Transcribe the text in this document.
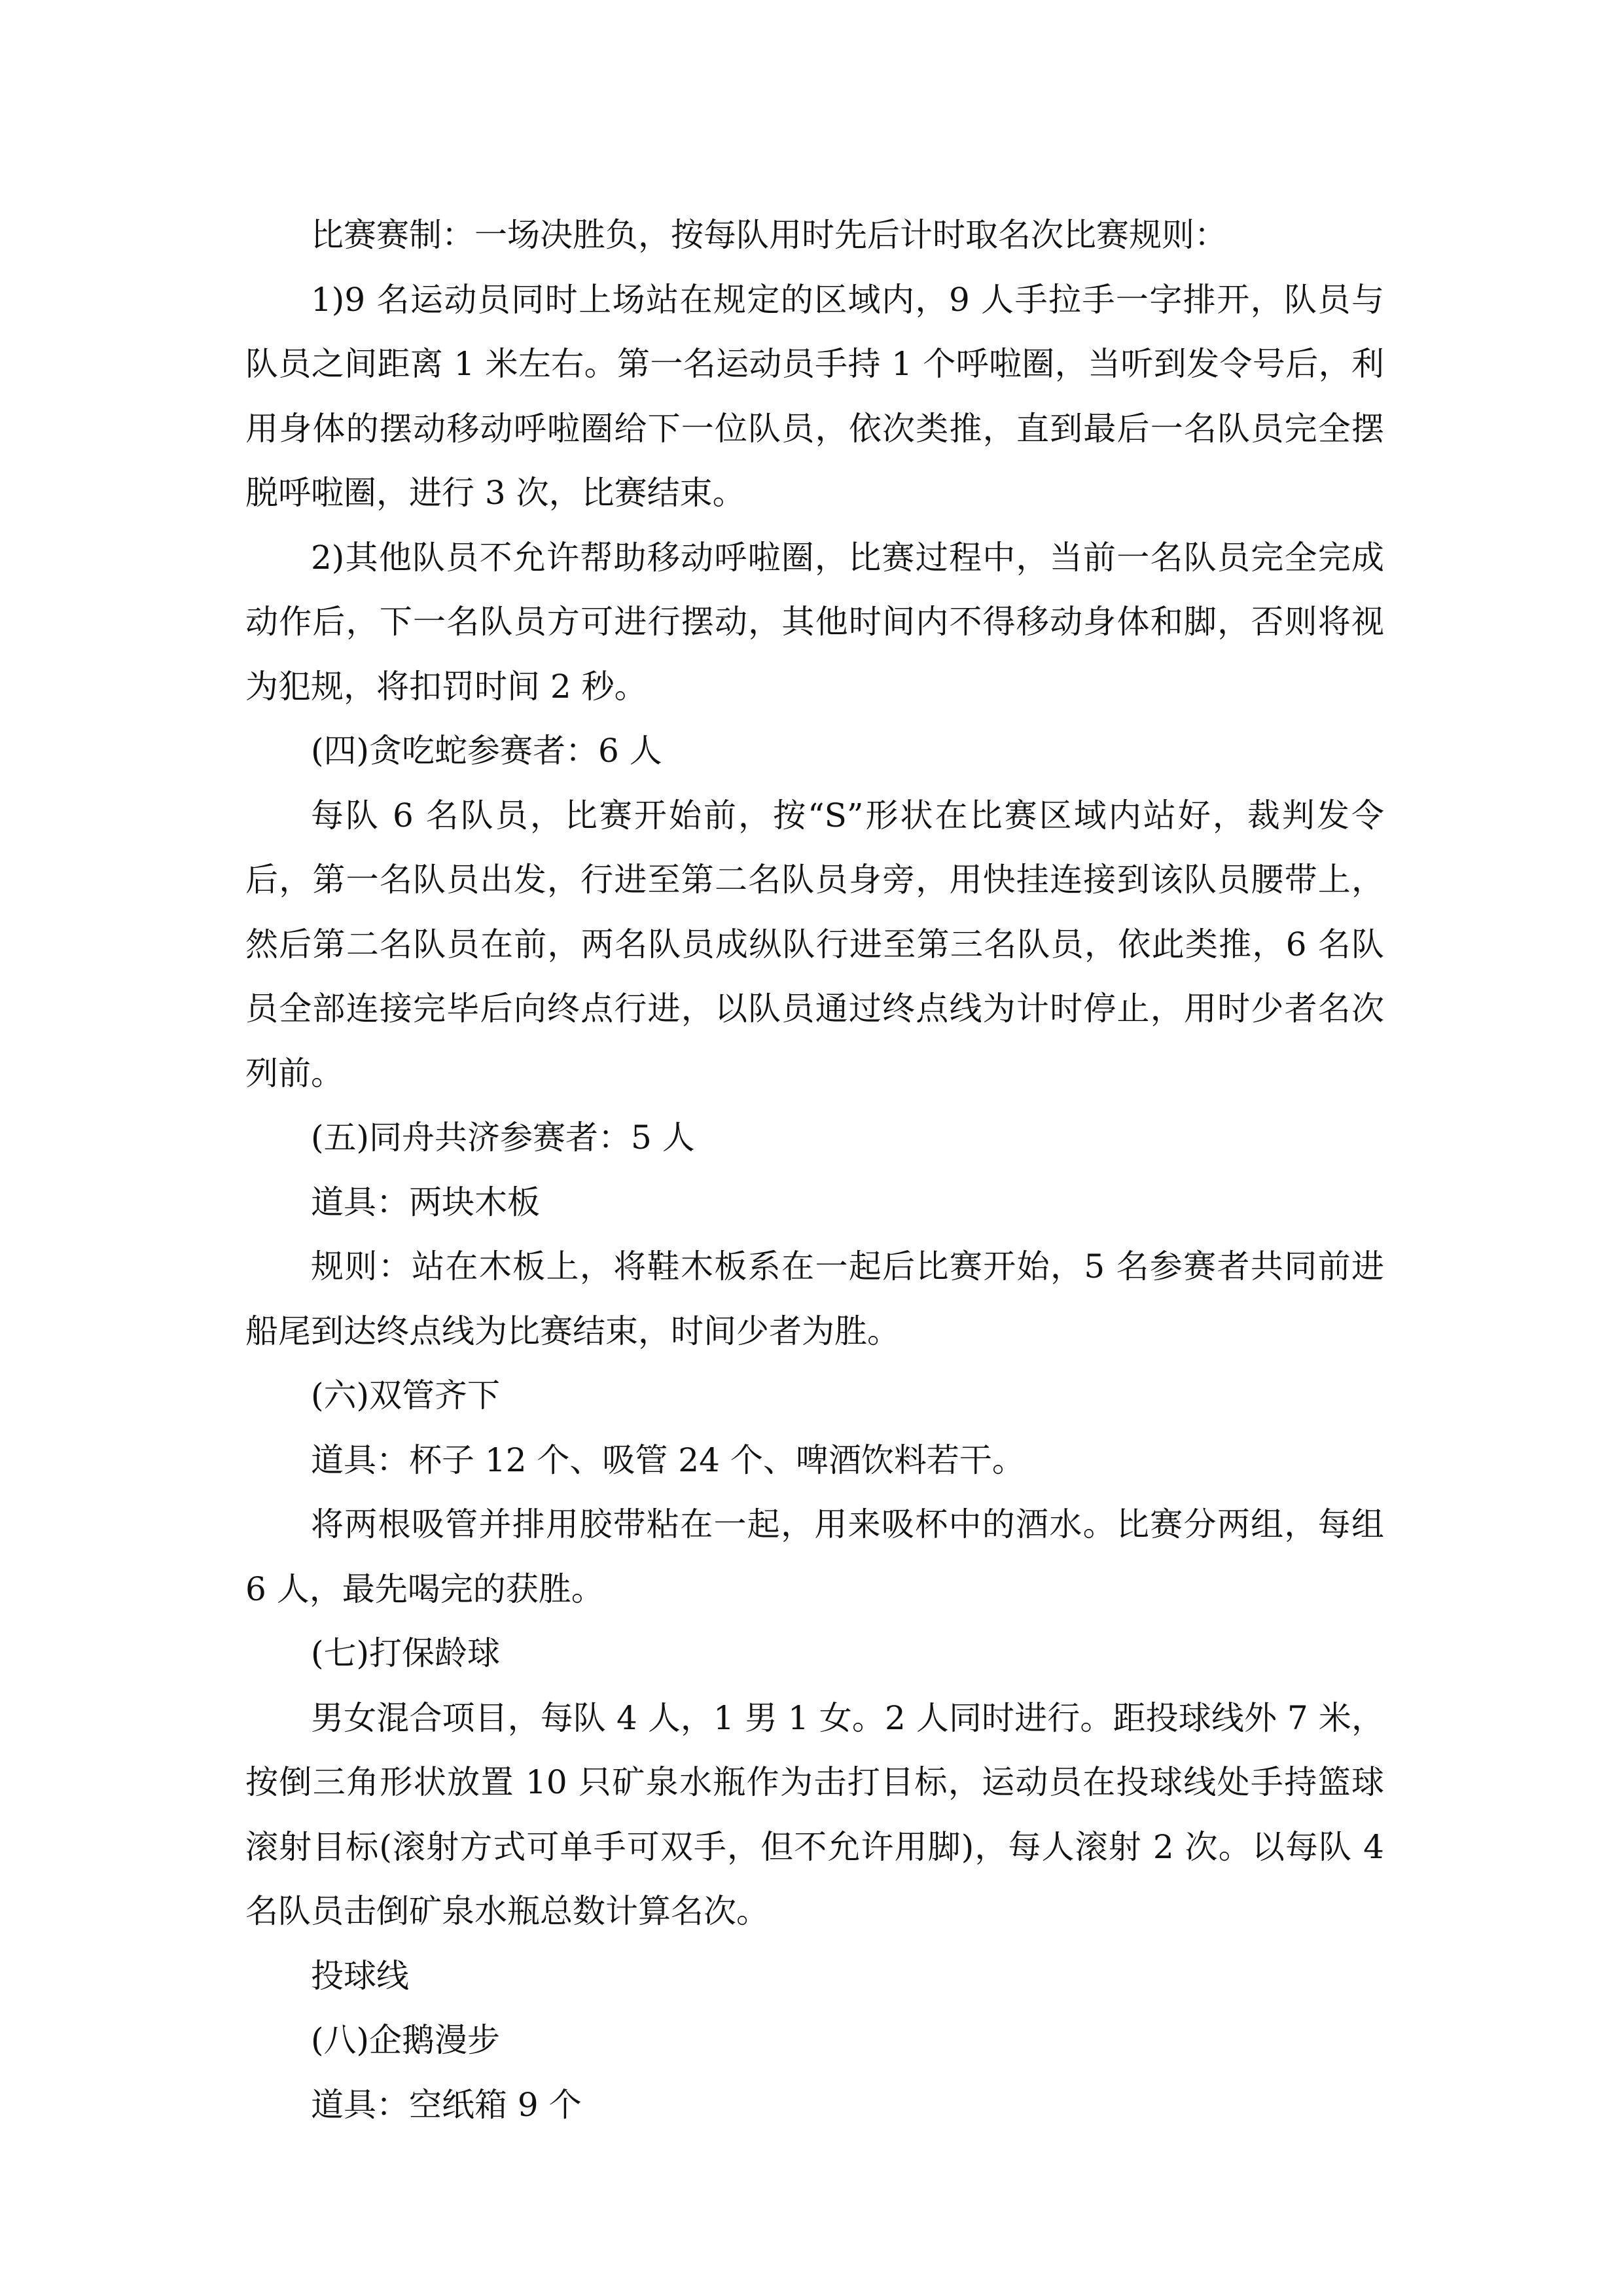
比赛赛制：一场决胜负，按每队用时先后计时取名次比赛规则：

1)9 名运动员同时上场站在规定的区域内，9 人手拉手一字排开，队员与队员之间距离 1 米左右。第一名运动员手持 1 个呼啦圈，当听到发令号后，利用身体的摆动移动呼啦圈给下一位队员，依次类推，直到最后一名队员完全摆脱呼啦圈，进行 3 次，比赛结束。

2)其他队员不允许帮助移动呼啦圈，比赛过程中，当前一名队员完全完成动作后，下一名队员方可进行摆动，其他时间内不得移动身体和脚，否则将视为犯规，将扣罚时间 2 秒。

(四)贪吃蛇参赛者：6 人

每队 6 名队员，比赛开始前，按“S”形状在比赛区域内站好，裁判发令后，第一名队员出发，行进至第二名队员身旁，用快挂连接到该队员腰带上，然后第二名队员在前，两名队员成纵队行进至第三名队员，依此类推，6 名队员全部连接完毕后向终点行进，以队员通过终点线为计时停止，用时少者名次列前。

(五)同舟共济参赛者：5 人

道具：两块木板

规则：站在木板上，将鞋木板系在一起后比赛开始，5 名参赛者共同前进船尾到达终点线为比赛结束，时间少者为胜。

(六)双管齐下

道具：杯子 12 个、吸管 24 个、啤酒饮料若干。

将两根吸管并排用胶带粘在一起，用来吸杯中的酒水。比赛分两组，每组 6 人，最先喝完的获胜。

(七)打保龄球

男女混合项目，每队 4 人，1 男 1 女。2 人同时进行。距投球线外 7 米，按倒三角形状放置 10 只矿泉水瓶作为击打目标，运动员在投球线处手持篮球滚射目标(滚射方式可单手可双手，但不允许用脚)，每人滚射 2 次。以每队 4 名队员击倒矿泉水瓶总数计算名次。

投球线

(八)企鹅漫步

道具：空纸箱 9 个
